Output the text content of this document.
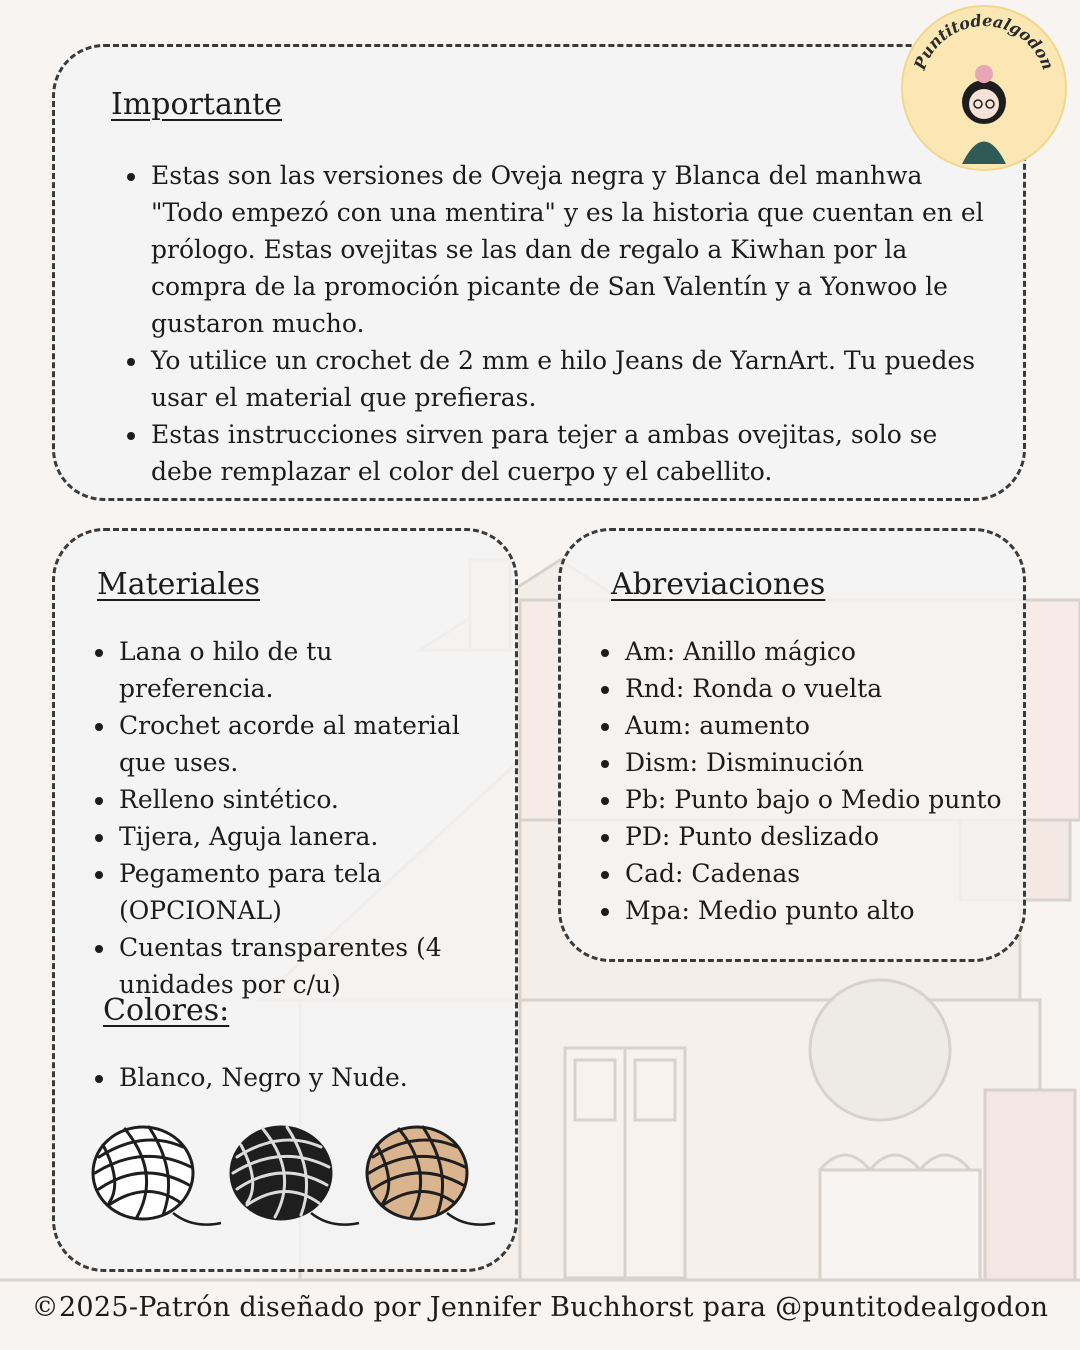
Importante
Estas son las versiones de Oveja negra y Blanca del manhwa "Todo empezó con una mentira" y es la historia que cuentan en el prólogo. Estas ovejitas se las dan de regalo a Kiwhan por la compra de la promoción picante de San Valentín y a Yonwoo le gustaron mucho.
Yo utilice un crochet de 2 mm e hilo Jeans de YarnArt. Tu puedes usar el material que prefieras.
Estas instrucciones sirven para tejer a ambas ovejitas, solo se debe remplazar el color del cuerpo y el cabellito.
Materiales
Lana o hilo de tu preferencia.
Crochet acorde al material que uses.
Relleno sintético.
Tijera, Aguja lanera.
Pegamento para tela (OPCIONAL)
Cuentas transparentes (4 unidades por c/u)
Colores:
Blanco, Negro y Nude.
Abreviaciones
Am: Anillo mágico
Rnd: Ronda o vuelta
Aum: aumento
Dism: Disminución
Pb: Punto bajo o Medio punto
PD: Punto deslizado
Cad: Cadenas
Mpa: Medio punto alto
Puntitodealgodon
©2025-Patrón diseñado por Jennifer Buchhorst para @puntitodealgodon
